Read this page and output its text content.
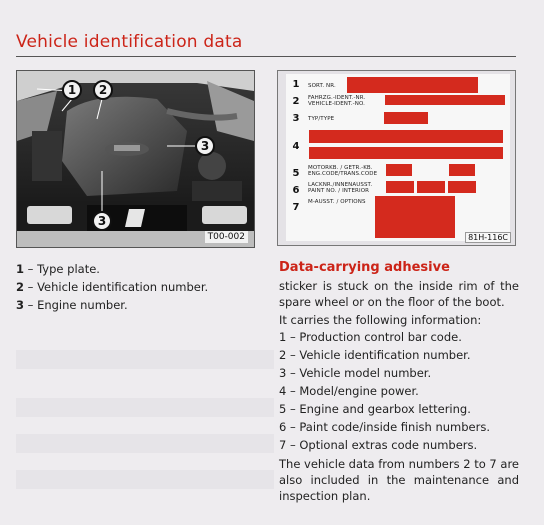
Vehicle identification data
1	2
3
3
T00-002
1	SORT. NR.
2	FAHRZG.-IDENT.-NR. VEHICLE-IDENT.-NO.
3	TYP/TYPE
4
5	MOTORKB. / GETR.-KB. ENG.CODE/TRANS.CODE
6	LACKNR./INNENAUSST. PAINT NO. / INTERIOR
7	M-AUSST. / OPTIONS
81H-116C
1 – Type plate.
2 – Vehicle identification number.
3 – Engine number.
Data-carrying adhesive
sticker is stuck on the inside rim of the spare wheel or on the floor of the boot.
It carries the following information:
1 – Production control bar code.
2 – Vehicle identification number.
3 – Vehicle model number.
4 – Model/engine power.
5 – Engine and gearbox lettering.
6 – Paint code/inside finish numbers.
7 – Optional extras code numbers.
The vehicle data from numbers 2 to 7 are also included in the maintenance and inspection plan.
